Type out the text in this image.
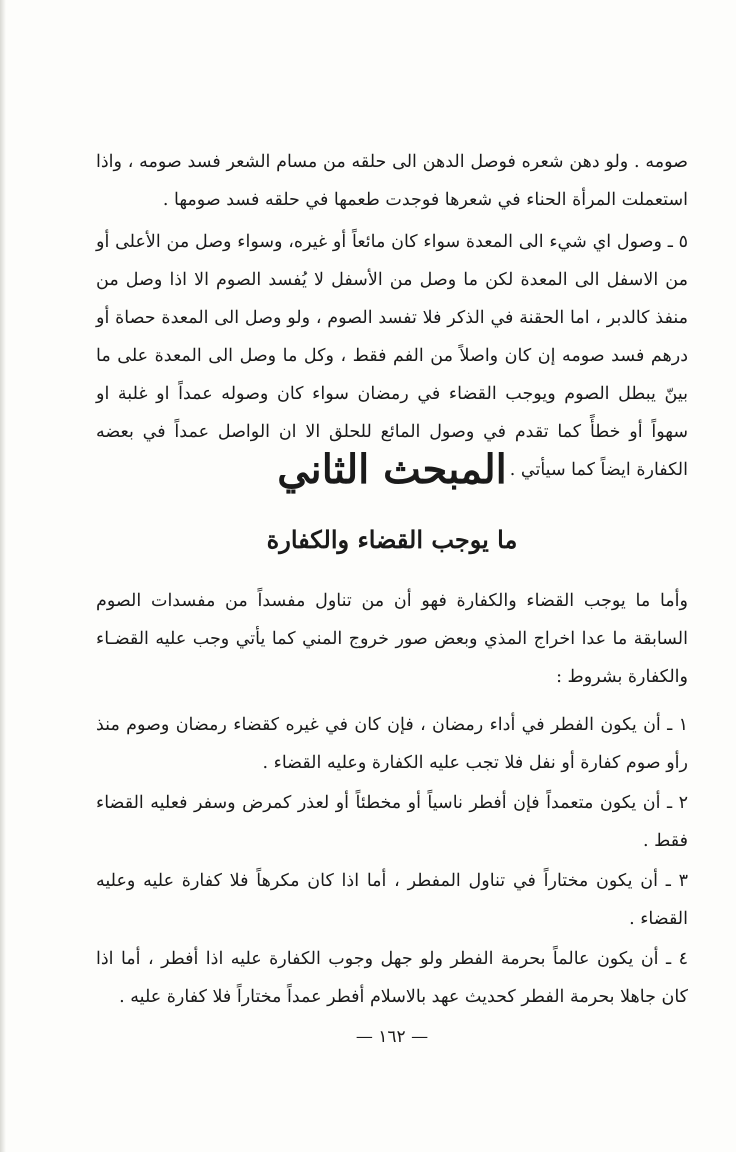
صومه . ولو دهن شعره فوصل الدهن الى حلقه من مسام الشعر فسد صومه ، واذا استعملت المرأة الحناء في شعرها فوجدت طعمها في حلقه فسد صومها .

٥ ـ وصول اي شيء الى المعدة سواء كان مائعاً أو غيره، وسواء وصل من الأعلى أو من الاسفل الى المعدة لكن ما وصل من الأسفل لا يُفسد الصوم الا اذا وصل من منفذ كالدبر ، اما الحقنة في الذكر فلا تفسد الصوم ، ولو وصل الى المعدة حصاة أو درهم فسد صومه إن كان واصلاً من الفم فقط ، وكل ما وصل الى المعدة على ما بينّ يبطل الصوم ويوجب القضاء في رمضان سواء كان وصوله عمداً او غلبة او سهواً أو خطأً كما تقدم في وصول المائع للحلق الا ان الواصل عمداً في بعضه الكفارة ايضاً كما سيأتي .

المبحث الثاني
ما يوجب القضاء والكفارة

وأما ما يوجب القضاء والكفارة فهو أن من تناول مفسداً من مفسدات الصوم السابقة ما عدا اخراج المذي وبعض صور خروج المني كما يأتي وجب عليه القضـاء والكفارة بشروط :

١ ـ أن يكون الفطر في أداء رمضان ، فإن كان في غيره كقضاء رمضان وصوم منذ رأو صوم كفارة أو نفل فلا تجب عليه الكفارة وعليه القضاء .

٢ ـ أن يكون متعمداً فإن أفطر ناسياً أو مخطئاً أو لعذر كمرض وسفر فعليه القضاء فقط .

٣ ـ أن يكون مختاراً في تناول المفطر ، أما اذا كان مكرهاً فلا كفارة عليه وعليه القضاء .

٤ ـ أن يكون عالماً بحرمة الفطر ولو جهل وجوب الكفارة عليه اذا أفطر ، أما اذا كان جاهلا بحرمة الفطر كحديث عهد بالاسلام أفطر عمداً مختاراً فلا كفارة عليه .

— ١٦٢ —
